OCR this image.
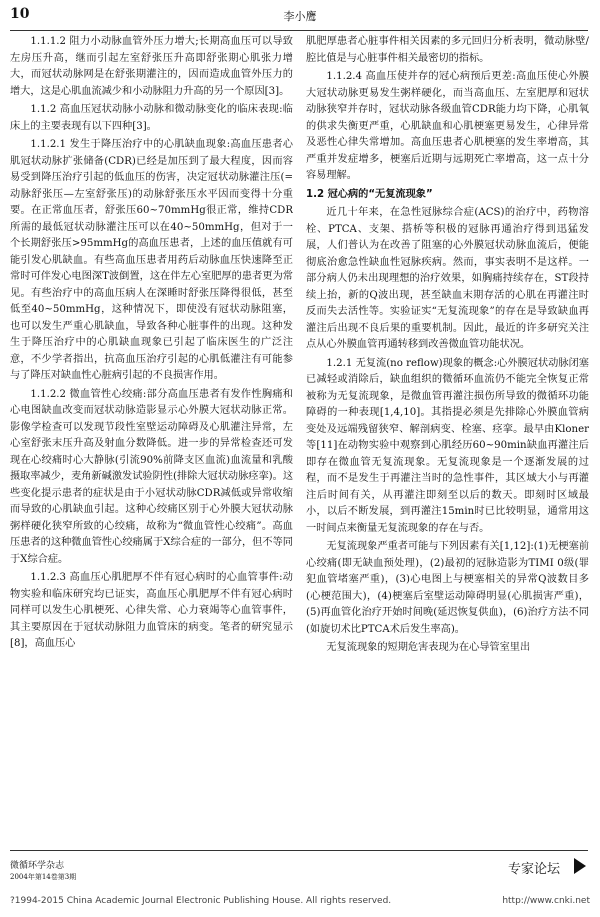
10	李小鹰

1.1.1.2 阻力小动脉血管外压力增大;长期高血压可以导致左房压升高，继而引起左室舒张压升高即舒张期心肌张力增大，而冠状动脉网是在舒张期灌注的，因而造成血管外压力的增大，这是心肌血流减少和小动脉阻力升高的另一个原因[3]。

1.1.2 高血压冠状动脉小动脉和微动脉变化的临床表现:临床上的主要表现有以下四种[3]。

1.1.2.1 发生于降压治疗中的心肌缺血现象:高血压患者心肌冠状动脉扩张储备(CDR)已经是加压到了最大程度，因而容易受到降压治疗引起的低血压的伤害，决定冠状动脉灌注压(=动脉舒张压—左室舒张压)的动脉舒张压水平因而变得十分重要。在正常血压者，舒张压60~70mmHg很正常，维持CDR所需的最低冠状动脉灌注压可以在40~50mmHg，但对于一个长期舒张压>95mmHg的高血压患者，上述的血压值就有可能引发心肌缺血。有些高血压患者用药后动脉血压快速降至正常时可伴发心电图深T波倒置，这在伴左心室肥厚的患者更为常见。有些治疗中的高血压病人在深睡时舒张压降得很低，甚至低至40~50mmHg，这种情况下，即使没有冠状动脉阻塞，也可以发生严重心肌缺血，导致各种心脏事件的出现。这种发生于降压治疗中的心肌缺血现象已引起了临床医生的广泛注意，不少学者指出，抗高血压治疗引起的心肌低灌注有可能参与了降压对缺血性心脏病引起的不良损害作用。

1.1.2.2 微血管性心绞痛:部分高血压患者有发作性胸痛和心电图缺血改变而冠状动脉造影显示心外膜大冠状动脉正常。影像学检查可以发现节段性室壁运动障碍及心肌灌注异常，左心室舒张末压升高及射血分数降低。进一步的异常检查还可发现在心绞痛时心大静脉(引流90%前降支区血流)血流量和乳酸摄取率减少，麦角新碱激发试验阴性(排除大冠状动脉痉挛)。这些变化提示患者的症状是由于小冠状动脉CDR减低或异常收缩而导致的心肌缺血引起。这种心绞痛区别于心外膜大冠状动脉粥样硬化狭窄所致的心绞痛，故称为“微血管性心绞痛”。高血压患者的这种微血管性心绞痛属于X综合症的一部分，但不等同于X综合症。

1.1.2.3 高血压心肌肥厚不伴有冠心病时的心血管事件:动物实验和临床研究均已证实，高血压心肌肥厚不伴有冠心病时同样可以发生心肌梗死、心律失常、心力衰竭等心血管事件，其主要原因在于冠状动脉阻力血管床的病变。笔者的研究显示[8]，高血压心

肌肥厚患者心脏事件相关因素的多元回归分析表明，微动脉壁/腔比值是与心脏事件相关最密切的指标。

1.1.2.4 高血压使并存的冠心病预后更差:高血压使心外膜大冠状动脉更易发生粥样硬化，而当高血压、左室肥厚和冠状动脉狭窄并存时，冠状动脉各级血管CDR能力均下降，心肌氧的供求失衡更严重，心肌缺血和心肌梗塞更易发生，心律异常及恶性心律失常增加。高血压患者心肌梗塞的发生率增高，其严重并发症增多，梗塞后近期与远期死亡率增高，这一点十分容易理解。

1.2 冠心病的“无复流现象”

近几十年来，在急性冠脉综合症(ACS)的治疗中，药物溶栓、PTCA、支架、搭桥等积极的冠脉再通治疗得到迅猛发展，人们普认为在改善了阻塞的心外膜冠状动脉血流后，便能彻底治愈急性缺血性冠脉疾病。然而，事实表明不是这样。一部分病人仍未出现理想的治疗效果，如胸痛持续存在，ST段持续上抬，新的Q波出现，甚至缺血末期存活的心肌在再灌注时反而失去活性等。实验证实“无复流现象”的存在是导致缺血再灌注后出现不良后果的重要机制。因此，最近的许多研究关注点从心外膜血管再通转移到改善微血管功能状况。

1.2.1 无复流(no reflow)现象的概念:心外膜冠状动脉闭塞已减轻或消除后，缺血组织的微循环血流仍不能完全恢复正常被称为无复流现象，是微血管再灌注损伤所导致的微循环功能障碍的一种表现[1,4,10]。其指提必须是先排除心外膜血管病变处及远端残留狭窄、解剖病变、栓塞、痉挛。最早由Kloner等[11]在动物实验中观察到心肌经历60~90min缺血再灌注后即存在微血管无复流现象。无复流现象是一个逐渐发展的过程，而不是发生于再灌注当时的急性事件，其区域大小与再灌注后时间有关，从再灌注即刻至以后的数天。即刻时区域最小，以后不断发展，到再灌注15min时已比较明显，通常用这一时间点来衡量无复流现象的存在与否。

无复流现象严重者可能与下列因素有关[1,12]:(1)无梗塞前心绞痛(即无缺血预处理)，(2)最初的冠脉造影为TIMI 0级(罪犯血管堵塞严重)，(3)心电图上与梗塞相关的异常Q波数目多(心梗范围大)，(4)梗塞后室壁运动障碍明显(心肌损害严重)，(5)再血管化治疗开始时间晚(延迟恢复供血)，(6)治疗方法不同(如旋切术比PTCA术后发生率高)。

无复流现象的短期危害表现为在心导管室里出

微循环学杂志
2004年第14卷第3期	专家论坛
?1994-2015 China Academic Journal Electronic Publishing House. All rights reserved.	http://www.cnki.net
